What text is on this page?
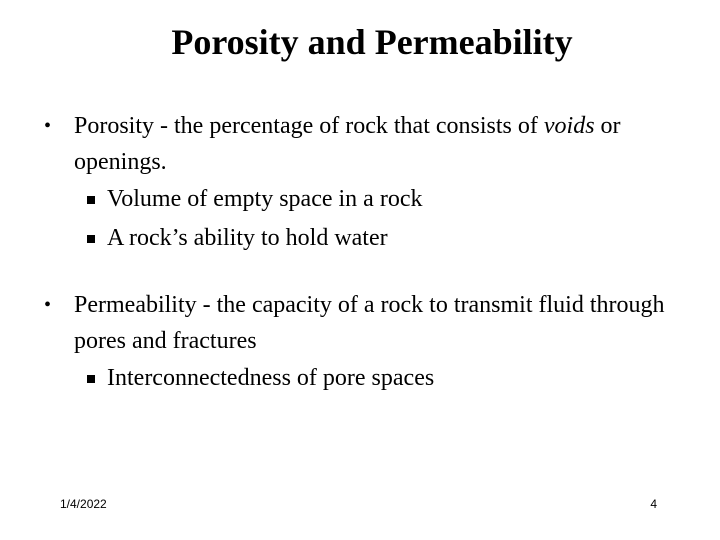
Porosity and Permeability
• Porosity - the percentage of rock that consists of voids or openings.
Volume of empty space in a rock
A rock’s ability to hold water
• Permeability - the capacity of a rock to transmit fluid through pores and fractures
Interconnectedness of pore spaces
1/4/2022	4
